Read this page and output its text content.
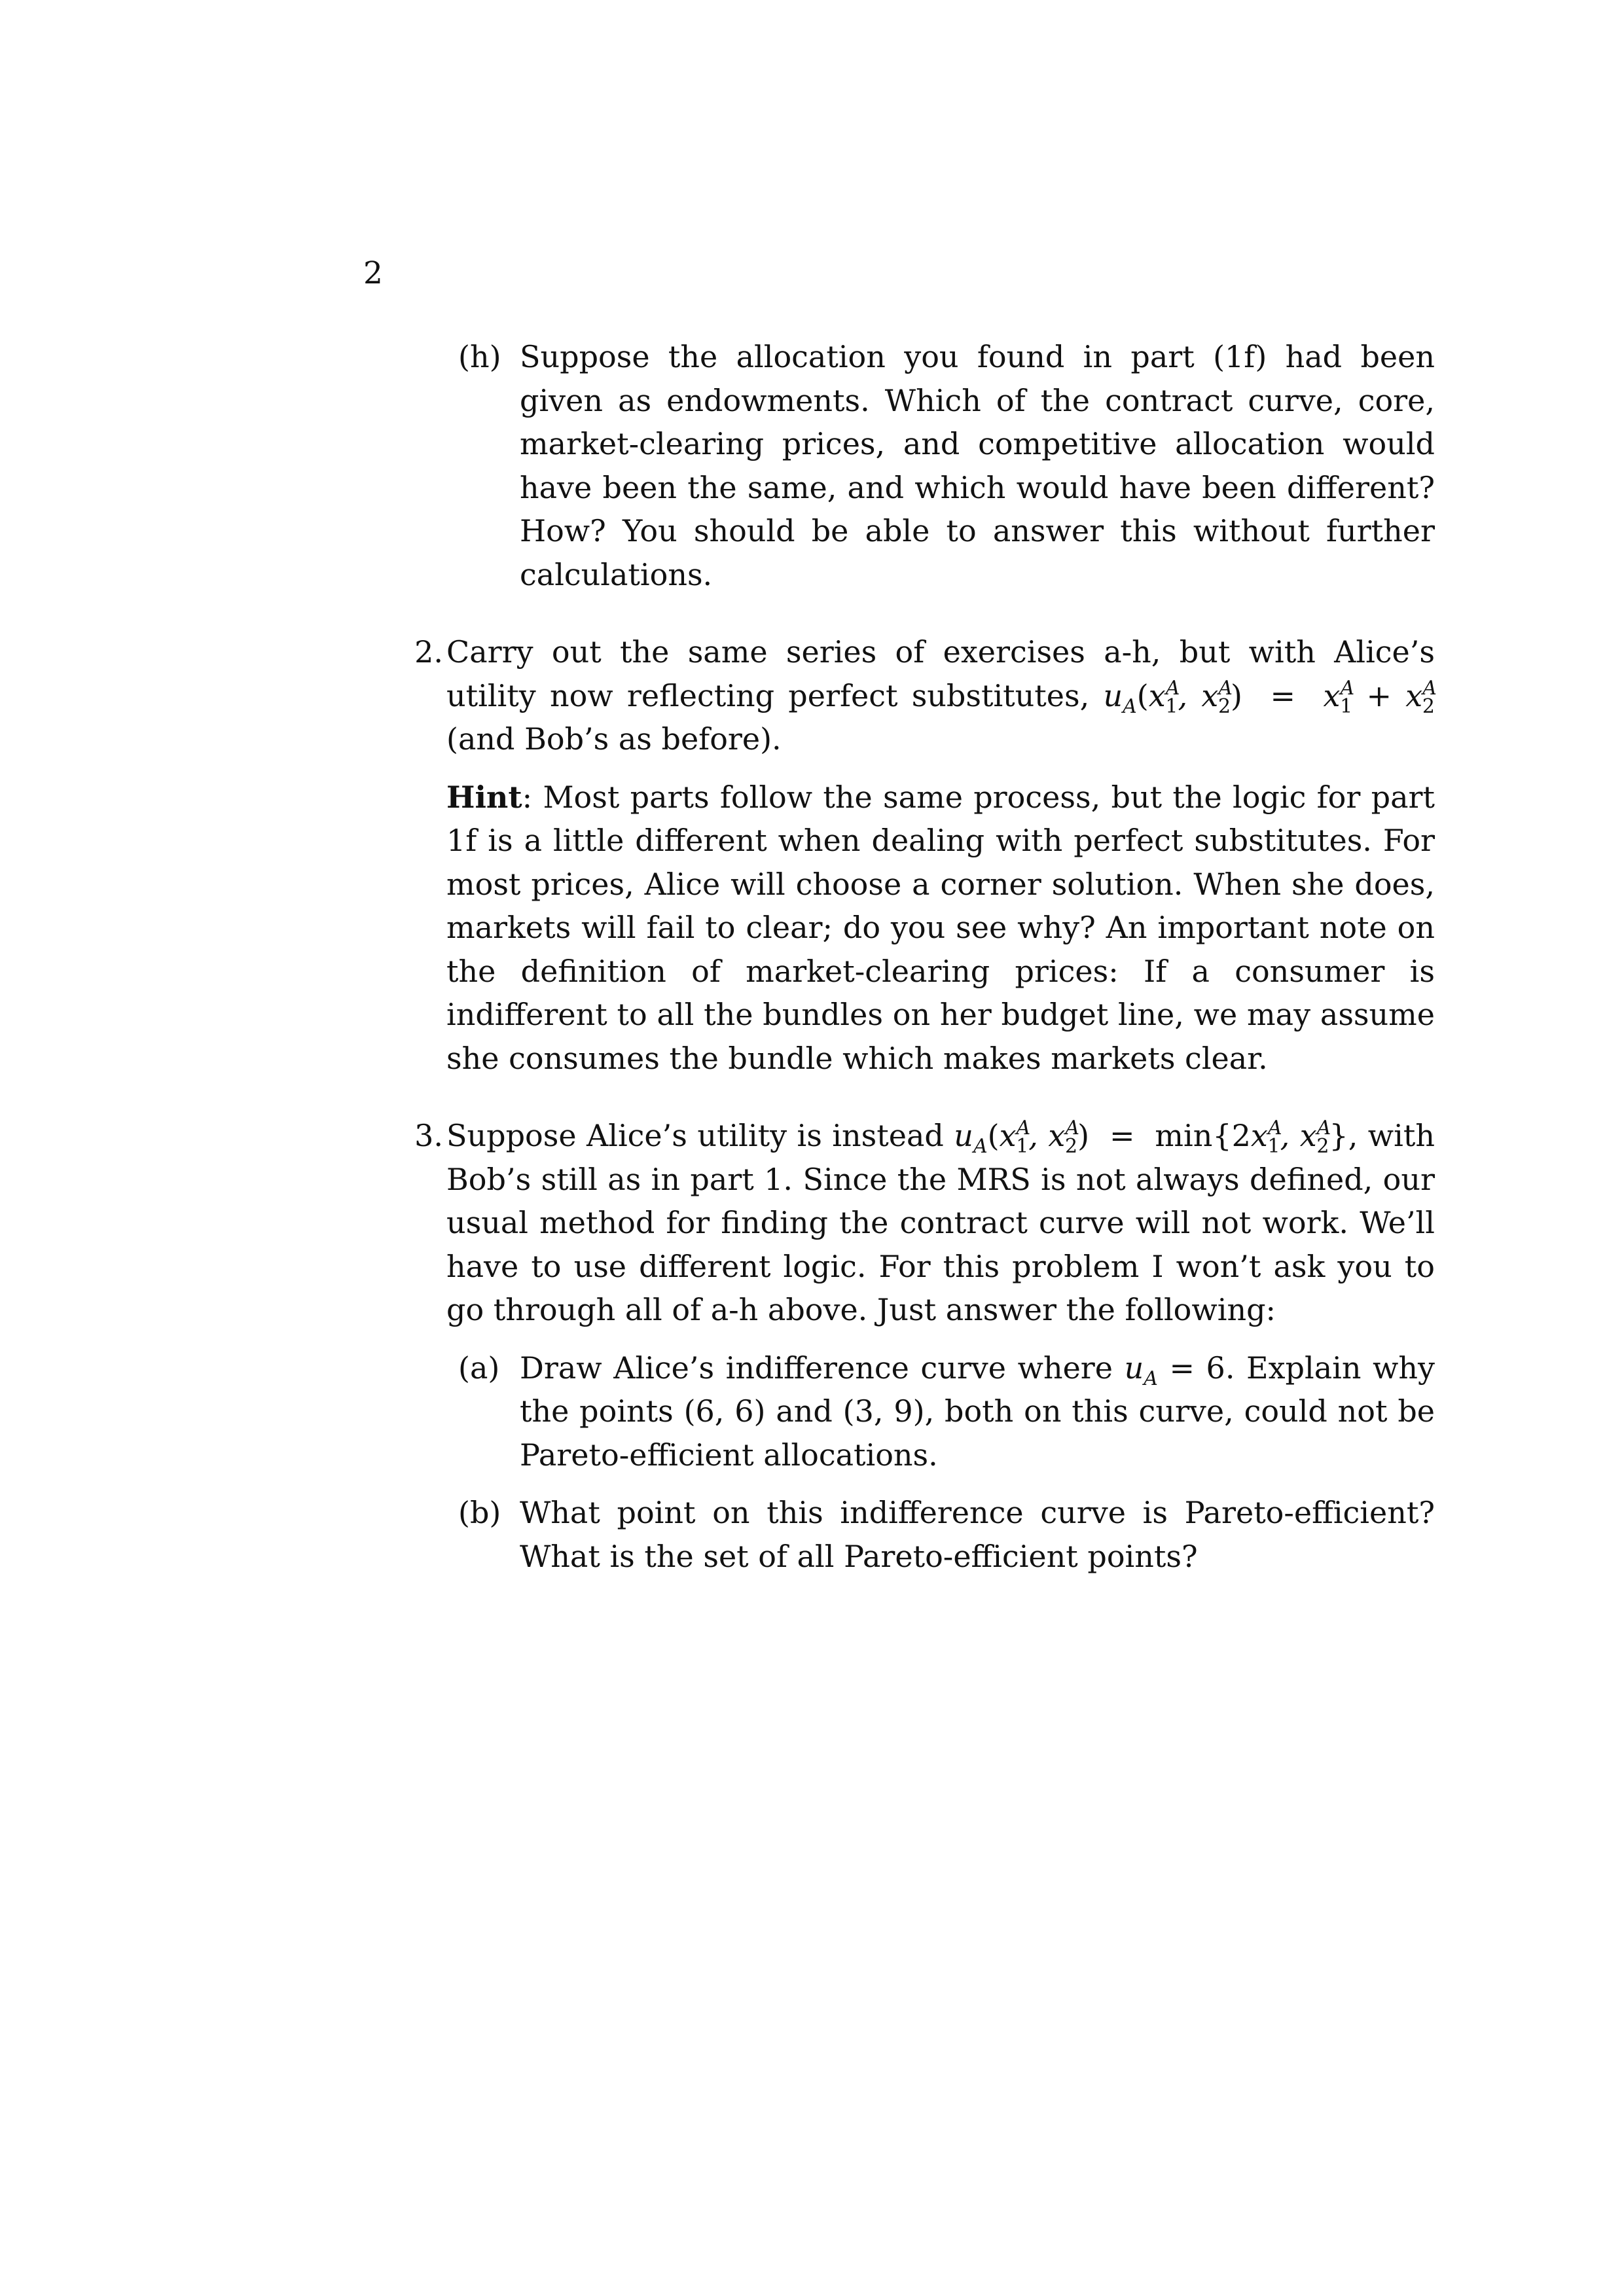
2
(h) Suppose the allocation you found in part (1f) had been given as endowments. Which of the contract curve, core, market-clearing prices, and competitive allocation would have been the same, and which would have been different? How? You should be able to answer this without further calculations.
2. Carry out the same series of exercises a-h, but with Alice’s utility now reflecting perfect substitutes, $u_A(x^A_1$, $x^A_2) = x^A_1 + x^A_2$ (and Bob’s as before).

Hint: Most parts follow the same process, but the logic for part 1f is a little different when dealing with perfect substitutes. For most prices, Alice will choose a corner solution. When she does, markets will fail to clear; do you see why? An important note on the definition of market-clearing prices: If a consumer is indifferent to all the bundles on her budget line, we may assume she consumes the bundle which makes markets clear.

3. Suppose Alice’s utility is instead $u_A(x^A_1$, $x^A_2) = \min\{2x^A_1$, $x^A_2$}, with Bob’s still as in part 1. Since the MRS is not always defined, our usual method for finding the contract curve will not work. We’ll have to use different logic. For this problem I won’t ask you to go through all of a-h above. Just answer the following:

(a) Draw Alice’s indifference curve where $u_A = 6$. Explain why the points (6, 6) and (3, 9), both on this curve, could not be Pareto-efficient allocations.
(b) What point on this indifference curve is Pareto-efficient? What is the set of all Pareto-efficient points?
